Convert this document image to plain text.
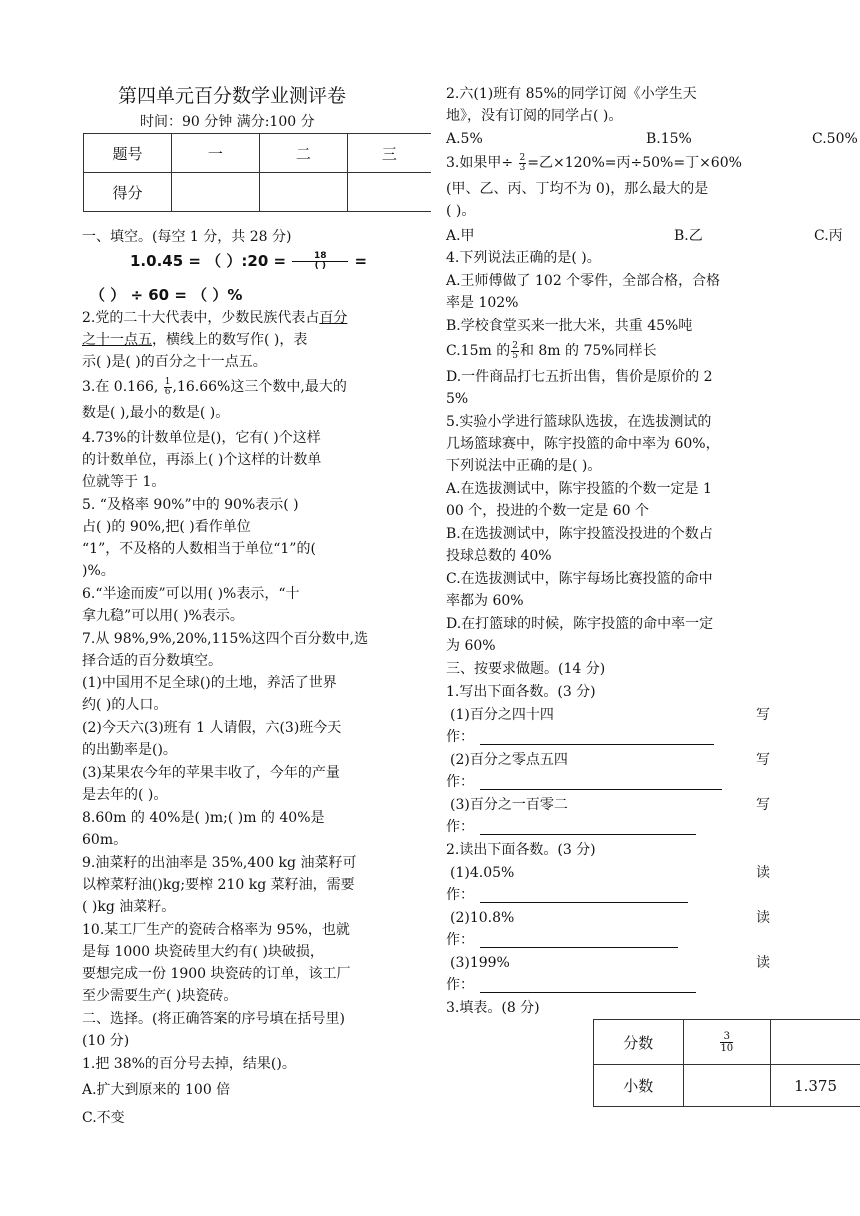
第四单元百分数学业测评卷
时间：90 分钟 满分:100 分
题号	一	二	三
得分			
一、填空。(每空 1 分，共 28 分)
1.0.45 = （ ）:20 = $\frac{18}{( )}$ =
（ ） ÷ 60 = （ ）%
2.党的二十大代表中，少数民族代表占百分
之十一点五，横线上的数写作( )，表
示( )是( )的百分之十一点五。
3.在 0.166, $\frac{1}{6} ,16.66\%$这三个数中,最大的
数是( ),最小的数是( )。
4.73%的计数单位是()，它有( )个这样
的计数单位，再添上( )个这样的计数单
位就等于 1。
5. “及格率 90%”中的 90%表示( )
占( )的 90%,把( )看作单位
“1”，不及格的人数相当于单位“1”的(
)%。
6.“半途而废”可以用( )%表示，“十
拿九稳”可以用( )%表示。
7.从 98%,9%,20%,115%这四个百分数中,选
择合适的百分数填空。
(1)中国用不足全球()的土地，养活了世界
约( )的人口。
(2)今天六(3)班有 1 人请假，六(3)班今天
的出勤率是()。
(3)某果农今年的苹果丰收了，今年的产量
是去年的( )。
8.60m 的 40%是( )m;( )m 的 40%是
60m。
9.油菜籽的出油率是 35%,400 kg 油菜籽可
以榨菜籽油()kg;要榨 210 kg 菜籽油，需要
( )kg 油菜籽。
10.某工厂生产的瓷砖合格率为 95%，也就
是每 1000 块瓷砖里大约有( )块破损，
要想完成一份 1900 块瓷砖的订单，该工厂
至少需要生产( )块瓷砖。
二、选择。(将正确答案的序号填在括号里)
(10 分)
1.把 38%的百分号去掉，结果()。
A.扩大到原来的 100 倍
C.不变
2.六(1)班有 85%的同学订阅《小学生天
地》，没有订阅的同学占( )。
A.5%	B.15%	C.50%
3.如果甲÷ $\frac{2}{3}$ =乙×120%=丙÷50%=丁×60%
(甲、乙、丙、丁均不为 0)，那么最大的是
( )。
A.甲	B.乙	C.丙
4.下列说法正确的是( )。
A.王师傅做了 102 个零件，全部合格，合格
率是 102%
B.学校食堂买来一批大米，共重 45%吨
C.15m 的 $\frac{2}{5}$ 和 8m 的 75%同样长
D.一件商品打七五折出售，售价是原价的 2
5%
5.实验小学进行篮球队选拔，在选拔测试的
几场篮球赛中，陈宇投篮的命中率为 60%，
下列说法中正确的是( )。
A.在选拔测试中，陈宇投篮的个数一定是 1
00 个，投进的个数一定是 60 个
B.在选拔测试中，陈宇投篮没投进的个数占
投球总数的 40%
C.在选拔测试中，陈宇每场比赛投篮的命中
率都为 60%
D.在打篮球的时候，陈宇投篮的命中率一定
为 60%
三、按要求做题。(14 分)
1.写出下面各数。(3 分)
(1)百分之四十四	写
作：
(2)百分之零点五四	写
作：
(3)百分之一百零二	写
作：
2.读出下面各数。(3 分)
(1)4.05%	读
作：
(2)10.8%	读
作：
(3)199%	读
作：
3.填表。(8 分)
分数	$\frac{3}{10}$

小数		1.375
